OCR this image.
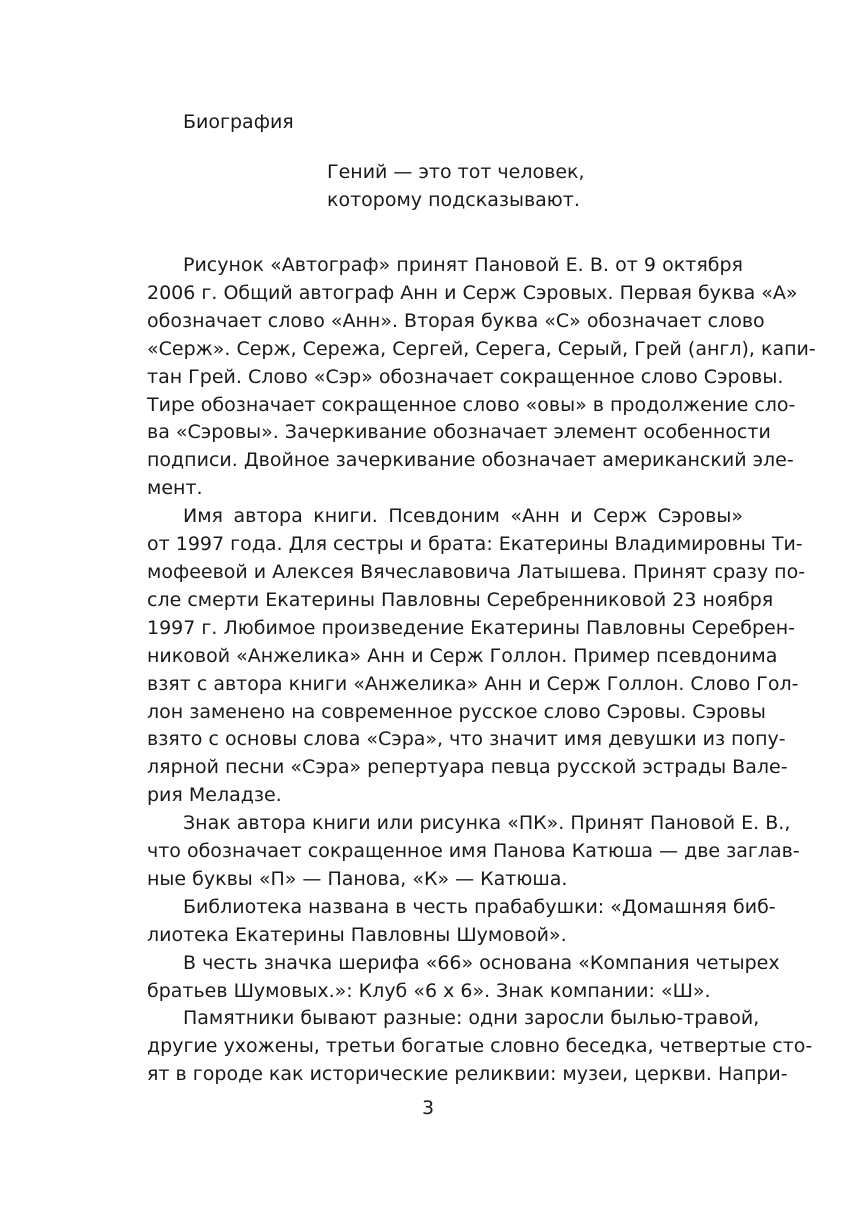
Биография
Гений — это тот человек,
которому подсказывают.
Рисунок «Автограф» принят Пановой Е. В. от 9 октября
2006 г. Общий автограф Анн и Серж Сэровых. Первая буква «А»
обозначает слово «Анн». Вторая буква «С» обозначает слово
«Серж». Серж, Сережа, Сергей, Серега, Серый, Грей (англ), капи-
тан Грей. Слово «Сэр» обозначает сокращенное слово Сэровы.
Тире обозначает сокращенное слово «овы» в продолжение сло-
ва «Сэровы». Зачеркивание обозначает элемент особенности
подписи. Двойное зачеркивание обозначает американский эле-
мент.
Имя автора книги. Псевдоним «Анн и Серж Сэровы»
от 1997 года. Для сестры и брата: Екатерины Владимировны Ти-
мофеевой и Алексея Вячеславовича Латышева. Принят сразу по-
сле смерти Екатерины Павловны Серебренниковой 23 ноября
1997 г. Любимое произведение Екатерины Павловны Серебрен-
никовой «Анжелика» Анн и Серж Голлон. Пример псевдонима
взят с автора книги «Анжелика» Анн и Серж Голлон. Слово Гол-
лон заменено на современное русское слово Сэровы. Сэровы
взято с основы слова «Сэра», что значит имя девушки из попу-
лярной песни «Сэра» репертуара певца русской эстрады Вале-
рия Меладзе.
Знак автора книги или рисунка «ПК». Принят Пановой Е. В.,
что обозначает сокращенное имя Панова Катюша — две заглав-
ные буквы «П» — Панова, «К» — Катюша.
Библиотека названа в честь прабабушки: «Домашняя биб-
лиотека Екатерины Павловны Шумовой».
В честь значка шерифа «66» основана «Компания четырех
братьев Шумовых.»: Клуб «6 х 6». Знак компании: «Ш».
Памятники бывают разные: одни заросли былью-травой,
другие ухожены, третьи богатые словно беседка, четвертые сто-
ят в городе как исторические реликвии: музеи, церкви. Напри-
3
